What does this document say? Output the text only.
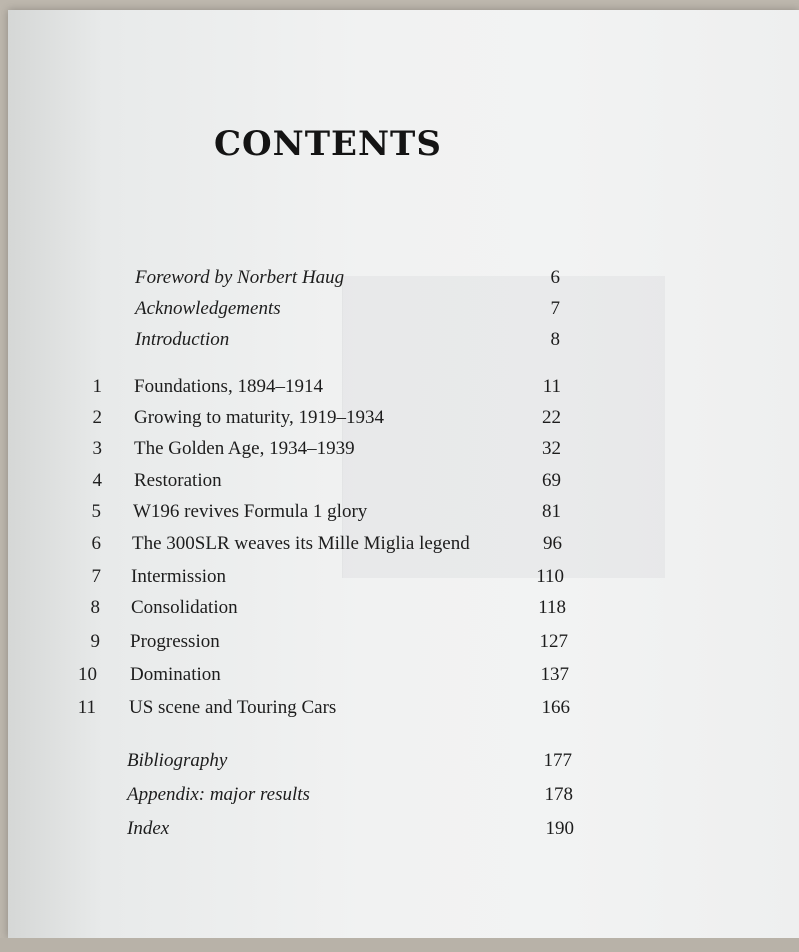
CONTENTS
Foreword by Norbert Haug	6
Acknowledgements	7
Introduction	8
1 Foundations, 1894–1914	11
2 Growing to maturity, 1919–1934	22
3 The Golden Age, 1934–1939	32
4 Restoration	69
5 W196 revives Formula 1 glory	81
6 The 300SLR weaves its Mille Miglia legend	96
7 Intermission	110
8 Consolidation	118
9 Progression	127
10 Domination	137
11 US scene and Touring Cars	166
Bibliography	177
Appendix: major results	178
Index	190
